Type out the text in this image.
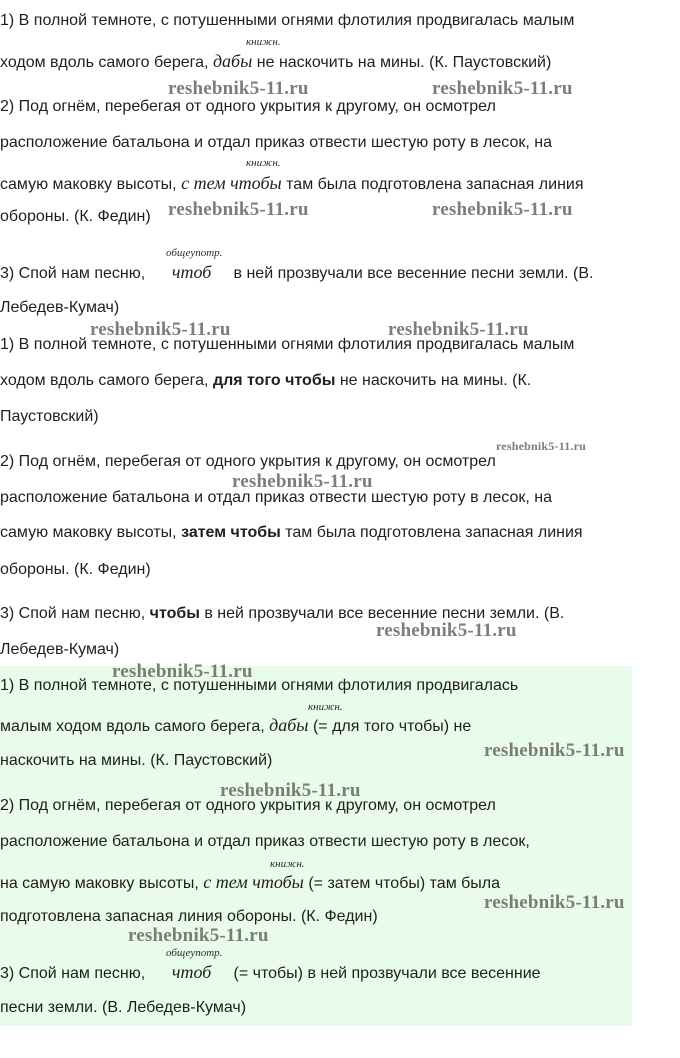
1) В полной темноте, с потушенными огнями флотилия продвигалась малым
книжн.
ходом вдоль самого берега, дабы не наскочить на мины. (К. Паустовский)
2) Под огнём, перебегая от одного укрытия к другому, он осмотрел
расположение батальона и отдал приказ отвести шестую роту в лесок, на
книжн.
самую маковку высоты, с тем чтобы там была подготовлена запасная линия
обороны. (К. Федин)
общеупотр.
3) Спой нам песню, чтоб в ней прозвучали все весенние песни земли. (В.
Лебедев-Кумач)
1) В полной темноте, с потушенными огнями флотилия продвигалась малым
ходом вдоль самого берега, для того чтобы не наскочить на мины. (К.
Паустовский)
2) Под огнём, перебегая от одного укрытия к другому, он осмотрел
расположение батальона и отдал приказ отвести шестую роту в лесок, на
самую маковку высоты, затем чтобы там была подготовлена запасная линия
обороны. (К. Федин)
3) Спой нам песню, чтобы в ней прозвучали все весенние песни земли. (В.
Лебедев-Кумач)
1) В полной темноте, с потушенными огнями флотилия продвигалась
книжн.
малым ходом вдоль самого берега, дабы (= для того чтобы) не
наскочить на мины. (К. Паустовский)
2) Под огнём, перебегая от одного укрытия к другому, он осмотрел
расположение батальона и отдал приказ отвести шестую роту в лесок,
книжн.
на самую маковку высоты, с тем чтобы (= затем чтобы) там была
подготовлена запасная линия обороны. (К. Федин)
общеупотр.
3) Спой нам песню, чтоб (= чтобы) в ней прозвучали все весенние
песни земли. (В. Лебедев-Кумач)
reshebnik5-11.ru	reshebnik5-11.ru
reshebnik5-11.ru	reshebnik5-11.ru
reshebnik5-11.ru	reshebnik5-11.ru
reshebnik5-11.ru
reshebnik5-11.ru
reshebnik5-11.ru
reshebnik5-11.ru
reshebnik5-11.ru
reshebnik5-11.ru
reshebnik5-11.ru
reshebnik5-11.ru
